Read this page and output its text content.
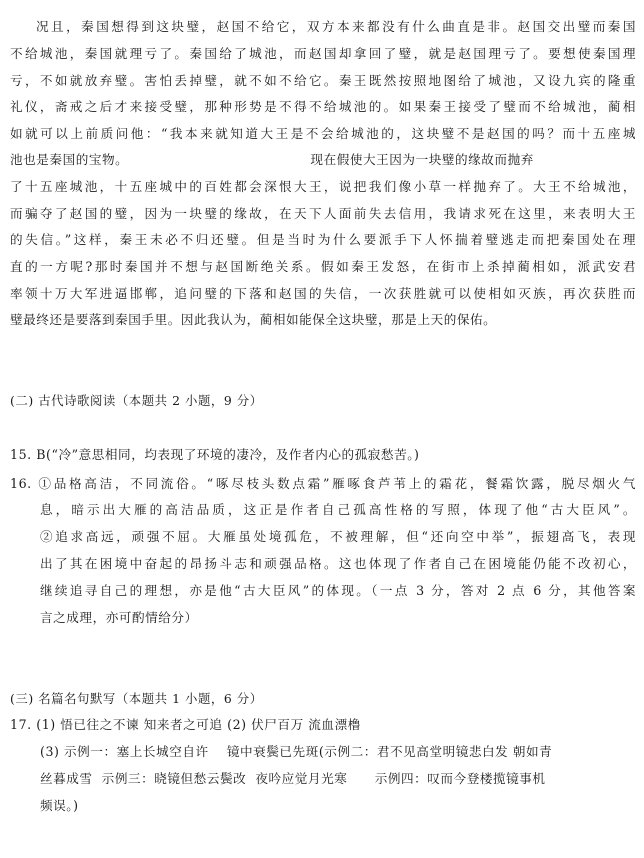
况且，秦国想得到这块璧，赵国不给它，双方本来都没有什么曲直是非。赵国交出璧而秦国
不给城池，秦国就理亏了。秦国给了城池，而赵国却拿回了璧，就是赵国理亏了。要想使秦国理
亏，不如就放弃璧。害怕丢掉璧，就不如不给它。秦王既然按照地图给了城池，又设九宾的隆重
礼仪，斋戒之后才来接受璧，那种形势是不得不给城池的。如果秦王接受了璧而不给城池，蔺相
如就可以上前质问他：“我本来就知道大王是不会给城池的，这块璧不是赵国的吗？而十五座城
池也是秦国的宝物。                                        现在假使大王因为一块璧的缘故而抛弃
了十五座城池，十五座城中的百姓都会深恨大王，说把我们像小草一样抛弃了。大王不给城池，
而骗夺了赵国的璧，因为一块璧的缘故，在天下人面前失去信用，我请求死在这里，来表明大王
的失信。”这样，秦王未必不归还璧。但是当时为什么要派手下人怀揣着璧逃走而把秦国处在理
直的一方呢?那时秦国并不想与赵国断绝关系。假如秦王发怒，在街市上杀掉蔺相如，派武安君
率领十万大军进逼邯郸，追问璧的下落和赵国的失信，一次获胜就可以使相如灭族，再次获胜而
璧最终还是要落到秦国手里。因此我认为，蔺相如能保全这块璧，那是上天的保佑。
(二) 古代诗歌阅读（本题共 2 小题，9 分）
15. B(“冷”意思相同，均表现了环境的凄冷，及作者内心的孤寂愁苦。)
16. ①品格高洁，不同流俗。“啄尽枝头数点霜”雁啄食芦苇上的霜花，餐霜饮露，脱尽烟火气
息，暗示出大雁的高洁品质，这正是作者自己孤高性格的写照，体现了他“古大臣风”。
②追求高远，顽强不屈。大雁虽处境孤危，不被理解，但“还向空中举”，振翅高飞，表现
出了其在困境中奋起的昂扬斗志和顽强品格。这也体现了作者自己在困境能仍能不改初心，
继续追寻自己的理想，亦是他“古大臣风”的体现。（一点 3 分，答对 2 点 6 分，其他答案
言之成理，亦可酌情给分）
(三) 名篇名句默写（本题共 1 小题，6 分）
17. (1) 悟已往之不谏 知来者之可追 (2) 伏尸百万 流血漂橹
(3) 示例一：塞上长城空自许    镜中衰鬓已先斑(示例二：君不见高堂明镜悲白发 朝如青
丝暮成雪  示例三：晓镜但愁云鬓改  夜吟应觉月光寒      示例四：叹而今登楼揽镜事机
频误。)
